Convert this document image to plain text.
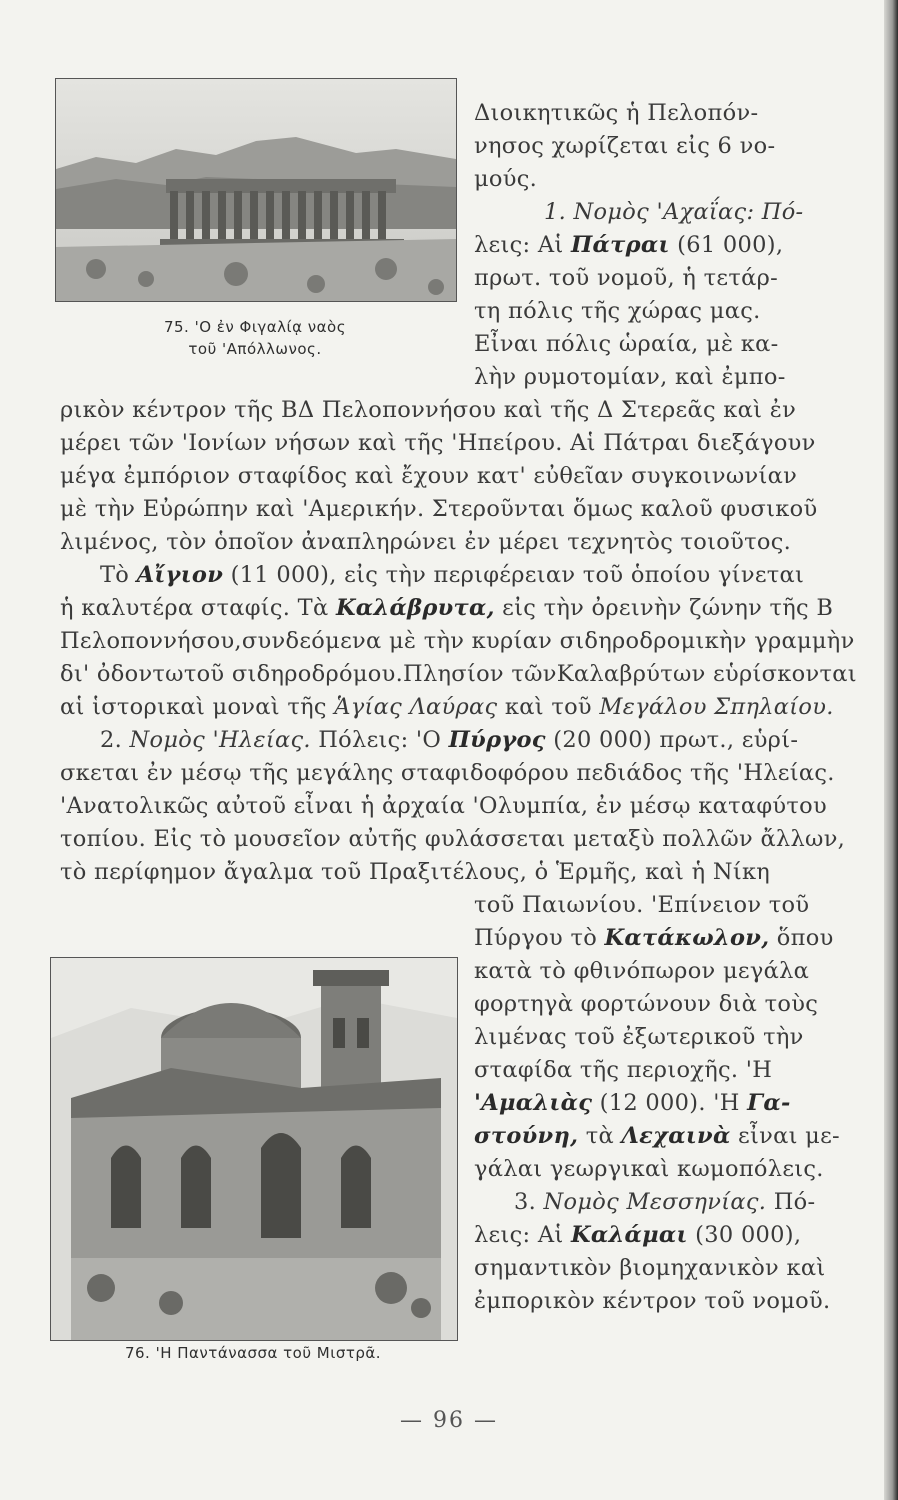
75. 'Ο ἐν Φιγαλίᾳ ναὸς
τοῦ 'Απόλλωνος.
76. 'Η Παντάνασσα τοῦ Μιστρᾶ.
Διοικητικῶς ἡ Πελοπόν-
νησος χωρίζεται εἰς 6 νο-
μούς.
1. Νομὸς 'Αχαΐας: Πό-
λεις: Αἱ Πάτραι (61 000),
πρωτ. τοῦ νομοῦ, ἡ τετάρ-
τη πόλις τῆς χώρας μας.
Εἶναι πόλις ὡραία, μὲ κα-
λὴν ρυμοτομίαν, καὶ ἐμπο-
ρικὸν κέντρον τῆς ΒΔ Πελοποννήσου καὶ τῆς Δ Στερεᾶς καὶ ἐν
μέρει τῶν 'Ιονίων νήσων καὶ τῆς 'Ηπείρου. Αἱ Πάτραι διεξάγουν
μέγα ἐμπόριον σταφίδος καὶ ἔχουν κατ' εὐθεῖαν συγκοινωνίαν
μὲ τὴν Εὐρώπην καὶ 'Αμερικήν. Στεροῦνται ὅμως καλοῦ φυσικοῦ
λιμένος, τὸν ὁποῖον ἀναπληρώνει ἐν μέρει τεχνητὸς τοιοῦτος.
Τὸ Αἴγιον (11 000), εἰς τὴν περιφέρειαν τοῦ ὁποίου γίνεται
ἡ καλυτέρα σταφίς. Τὰ Καλάβρυτα, εἰς τὴν ὀρεινὴν ζώνην τῆς Β
Πελοποννήσου,συνδεόμενα μὲ τὴν κυρίαν σιδηροδρομικὴν γραμμὴν
δι' ὀδοντωτοῦ σιδηροδρόμου.Πλησίον τῶνΚαλαβρύτων εὑρίσκονται
αἱ ἱστορικαὶ μοναὶ τῆς Ἁγίας Λαύρας καὶ τοῦ Μεγάλου Σπηλαίου.
2. Νομὸς 'Ηλείας. Πόλεις: 'Ο Πύργος (20 000) πρωτ., εὑρί-
σκεται ἐν μέσῳ τῆς μεγάλης σταφιδοφόρου πεδιάδος τῆς 'Ηλείας.
'Ανατολικῶς αὐτοῦ εἶναι ἡ ἀρχαία 'Ολυμπία, ἐν μέσῳ καταφύτου
τοπίου. Εἰς τὸ μουσεῖον αὐτῆς φυλάσσεται μεταξὺ πολλῶν ἄλλων,
τὸ περίφημον ἄγαλμα τοῦ Πραξιτέλους, ὁ Ἑρμῆς, καὶ ἡ Νίκη
τοῦ Παιωνίου. 'Επίνειον τοῦ
Πύργου τὸ Κατάκωλον, ὅπου
κατὰ τὸ φθινόπωρον μεγάλα
φορτηγὰ φορτώνουν διὰ τοὺς
λιμένας τοῦ ἐξωτερικοῦ τὴν
σταφίδα τῆς περιοχῆς. 'Η
'Αμαλιὰς (12 000). 'Η Γα-
στούνη, τὰ Λεχαινὰ εἶναι με-
γάλαι γεωργικαὶ κωμοπόλεις.
3. Νομὸς Μεσσηνίας. Πό-
λεις: Αἱ Καλάμαι (30 000),
σημαντικὸν βιομηχανικὸν καὶ
ἐμπορικὸν κέντρον τοῦ νομοῦ.
— 96 —
